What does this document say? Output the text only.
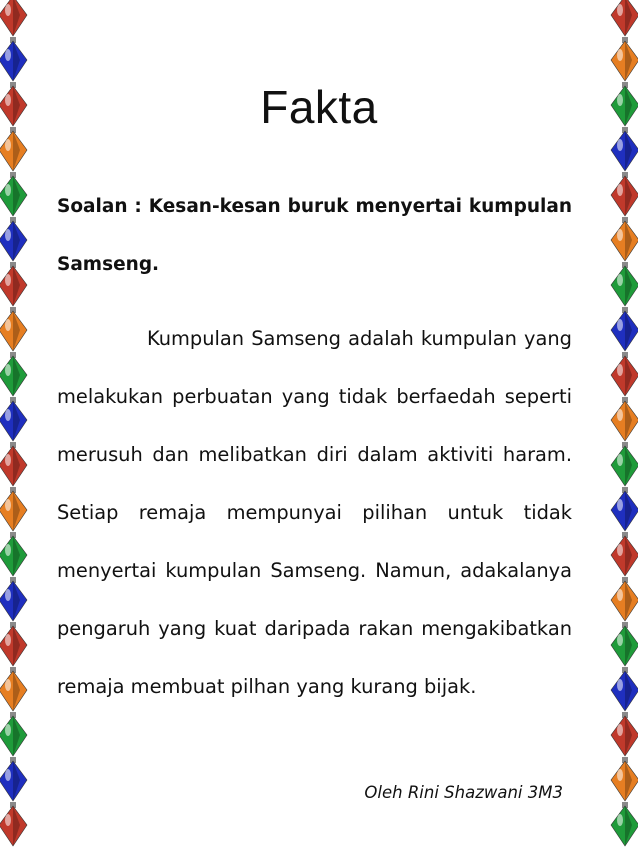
Fakta
Soalan : Kesan-kesan buruk menyertai kumpulan Samseng.
Kumpulan Samseng adalah kumpulan yang melakukan perbuatan yang tidak berfaedah seperti merusuh dan melibatkan diri dalam aktiviti haram. Setiap remaja mempunyai pilihan untuk tidak menyertai kumpulan Samseng. Namun, adakalanya pengaruh yang kuat daripada rakan mengakibatkan remaja membuat pilhan yang kurang bijak.
Oleh Rini Shazwani 3M3
